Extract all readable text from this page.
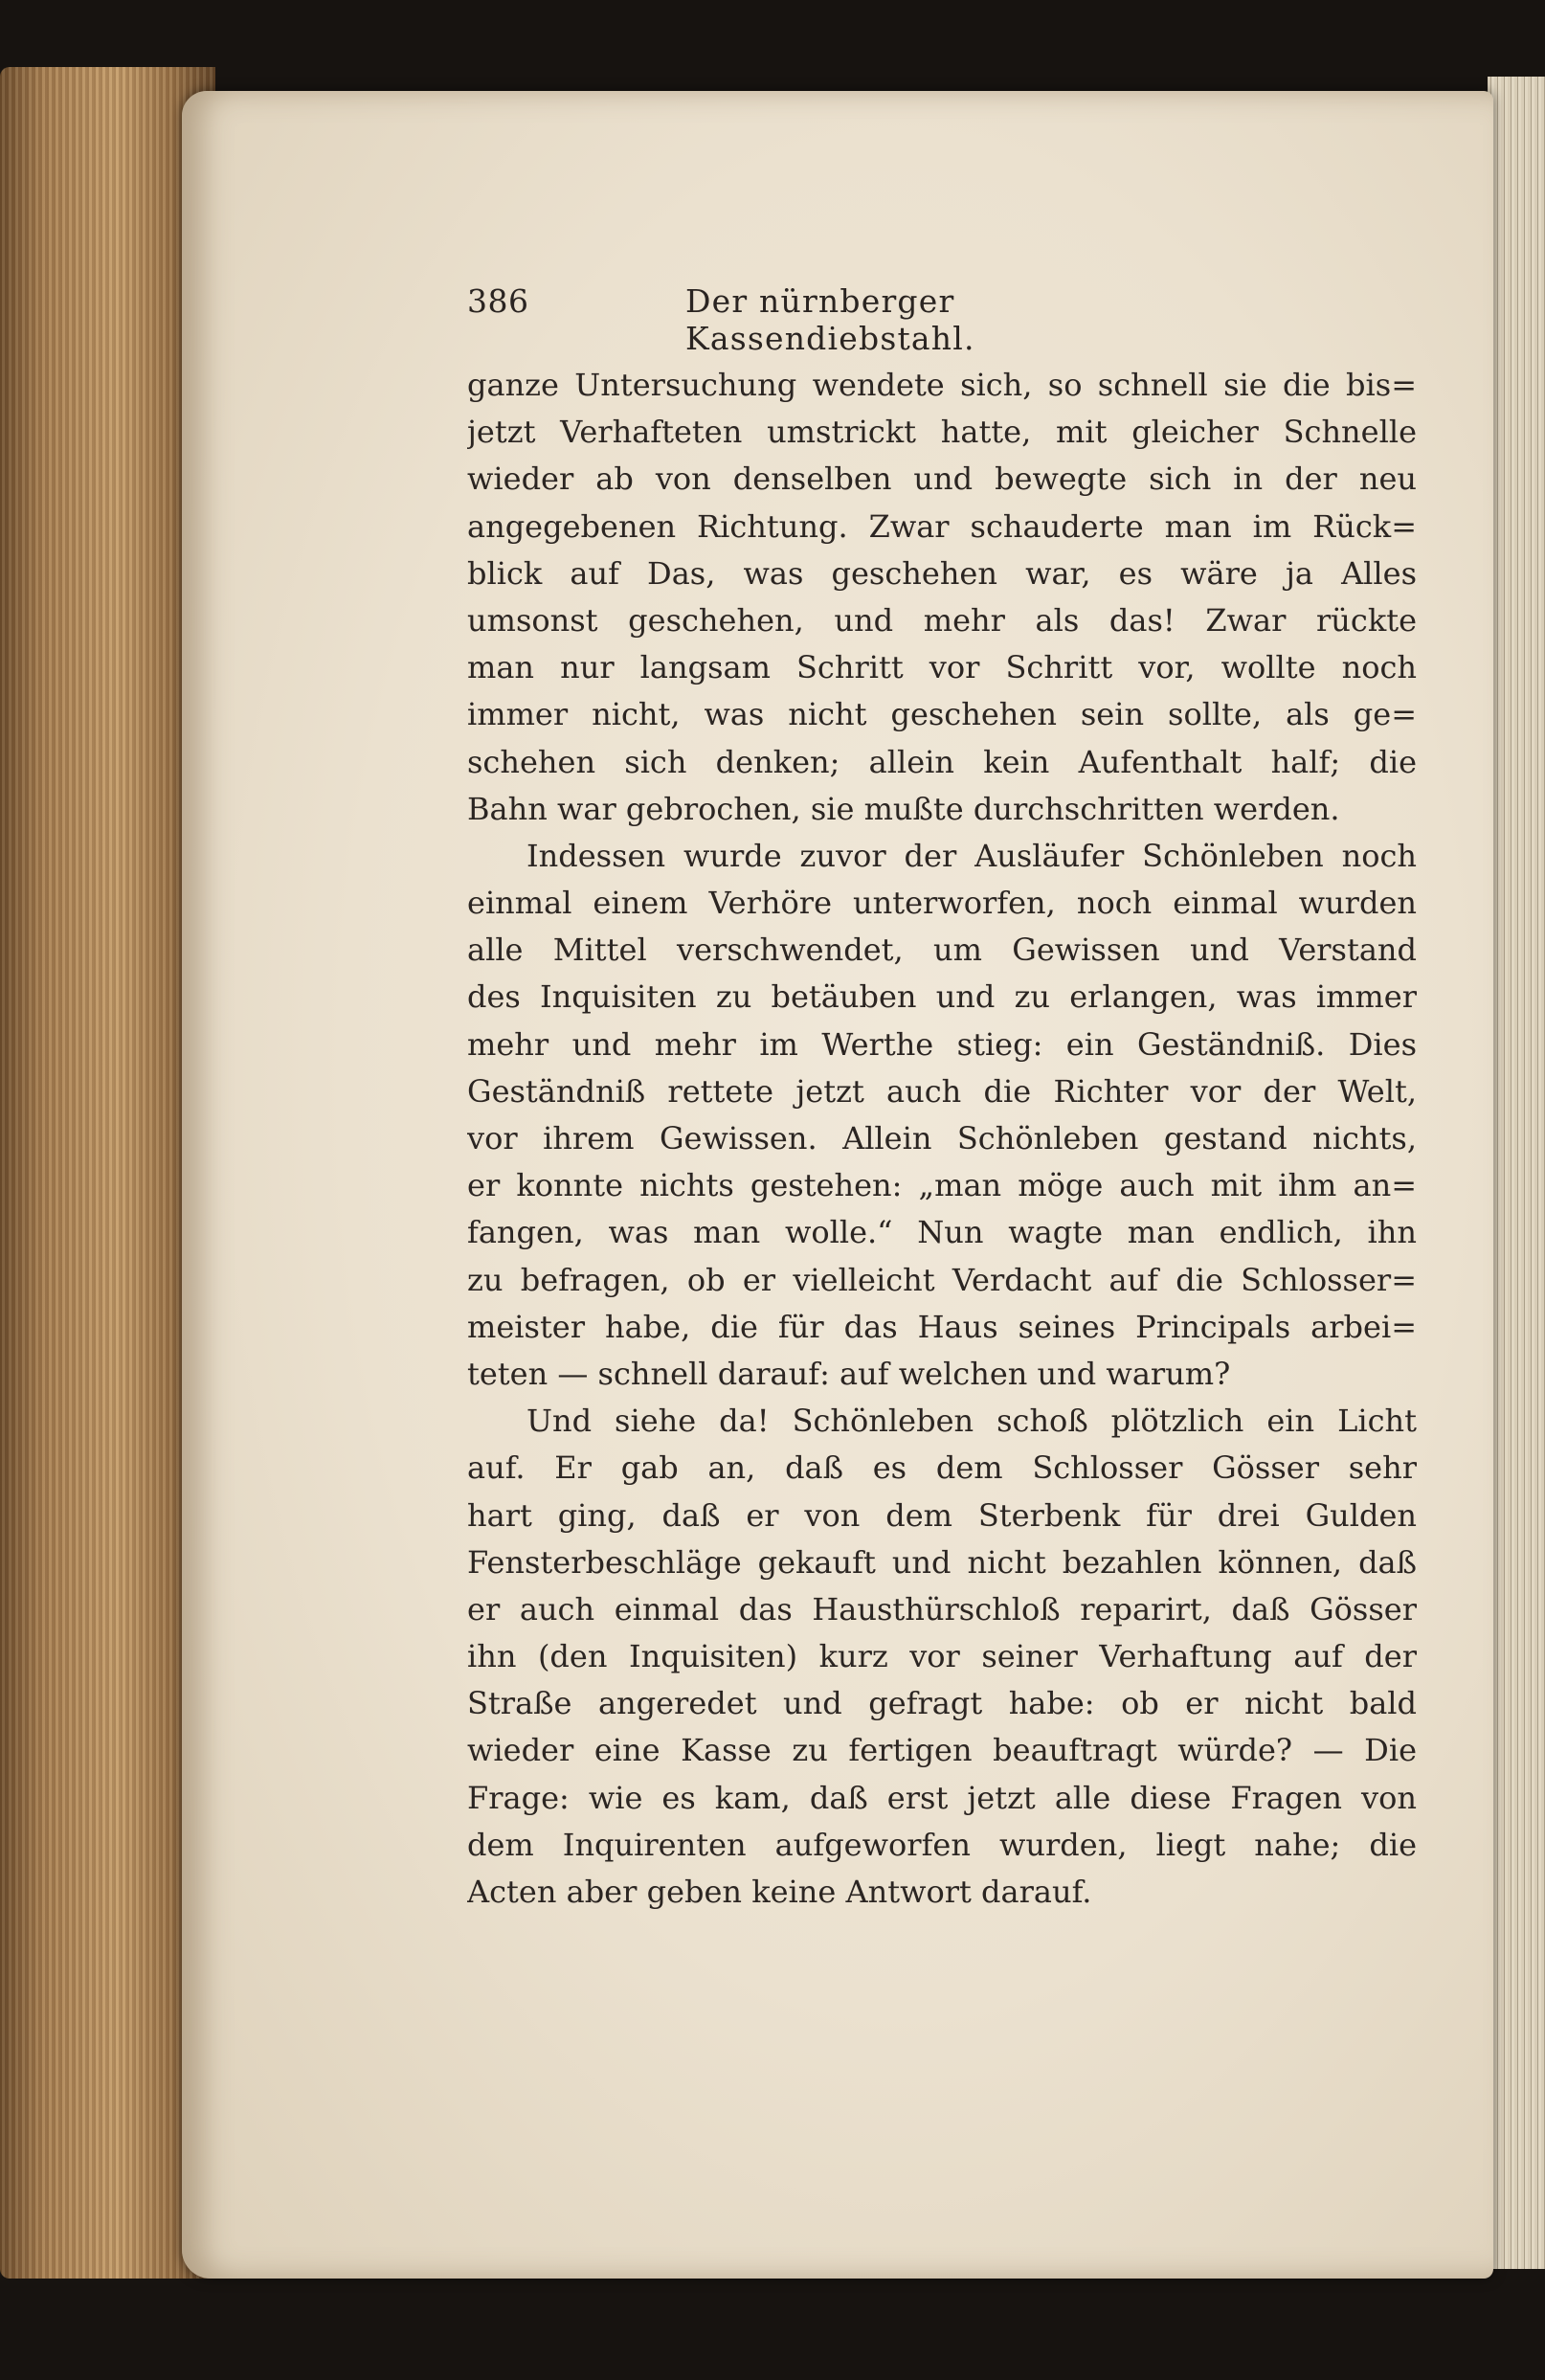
386	Der nürnberger Kassendiebstahl.
ganze Untersuchung wendete sich, so schnell sie die bis=
jetzt Verhafteten umstrickt hatte, mit gleicher Schnelle
wieder ab von denselben und bewegte sich in der neu
angegebenen Richtung. Zwar schauderte man im Rück=
blick auf Das, was geschehen war, es wäre ja Alles
umsonst geschehen, und mehr als das! Zwar rückte
man nur langsam Schritt vor Schritt vor, wollte noch
immer nicht, was nicht geschehen sein sollte, als ge=
schehen sich denken; allein kein Aufenthalt half; die
Bahn war gebrochen, sie mußte durchschritten werden.
Indessen wurde zuvor der Ausläufer Schönleben noch
einmal einem Verhöre unterworfen, noch einmal wurden
alle Mittel verschwendet, um Gewissen und Verstand
des Inquisiten zu betäuben und zu erlangen, was immer
mehr und mehr im Werthe stieg: ein Geständniß. Dies
Geständniß rettete jetzt auch die Richter vor der Welt,
vor ihrem Gewissen. Allein Schönleben gestand nichts,
er konnte nichts gestehen: „man möge auch mit ihm an=
fangen, was man wolle.“ Nun wagte man endlich, ihn
zu befragen, ob er vielleicht Verdacht auf die Schlosser=
meister habe, die für das Haus seines Principals arbei=
teten — schnell darauf: auf welchen und warum?
Und siehe da! Schönleben schoß plötzlich ein Licht
auf. Er gab an, daß es dem Schlosser Gösser sehr
hart ging, daß er von dem Sterbenk für drei Gulden
Fensterbeschläge gekauft und nicht bezahlen können, daß
er auch einmal das Hausthürschloß reparirt, daß Gösser
ihn (den Inquisiten) kurz vor seiner Verhaftung auf der
Straße angeredet und gefragt habe: ob er nicht bald
wieder eine Kasse zu fertigen beauftragt würde? — Die
Frage: wie es kam, daß erst jetzt alle diese Fragen von
dem Inquirenten aufgeworfen wurden, liegt nahe; die
Acten aber geben keine Antwort darauf.
